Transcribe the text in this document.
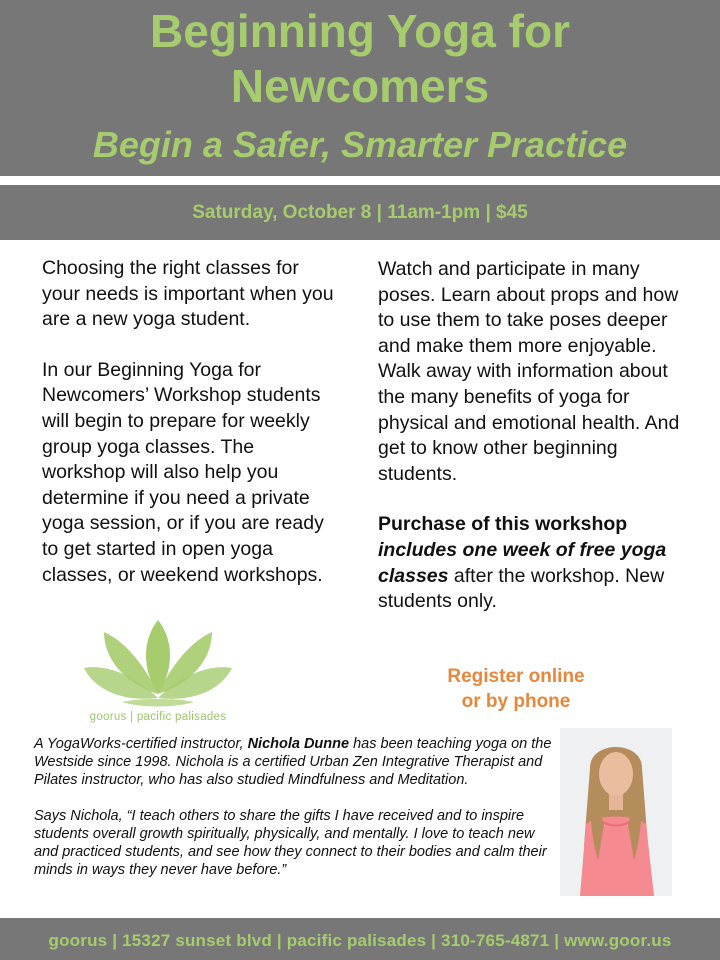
Beginning Yoga for
Newcomers
Begin a Safer, Smarter Practice
Saturday, October 8 | 11am-1pm | $45

Choosing the right classes for your needs is important when you are a new yoga student.

In our Beginning Yoga for Newcomers’ Workshop students will begin to prepare for weekly group yoga classes. The workshop will also help you determine if you need a private yoga session, or if you are ready to get started in open yoga classes, or weekend workshops.

Watch and participate in many poses. Learn about props and how to use them to take poses deeper and make them more enjoyable. Walk away with information about the many benefits of yoga for physical and emotional health. And get to know other beginning students.

Purchase of this workshop
includes one week of free yoga classes after the workshop. New students only.

goorus | pacific palisades
Register online
or by phone

A YogaWorks-certified instructor, Nichola Dunne has been teaching yoga on the Westside since 1998. Nichola is a certified Urban Zen Integrative Therapist and Pilates instructor, who has also studied Mindfulness and Meditation.

Says Nichola, “I teach others to share the gifts I have received and to inspire students overall growth spiritually, physically, and mentally. I love to teach new and practiced students, and see how they connect to their bodies and calm their minds in ways they never have before.”

goorus | 15327 sunset blvd | pacific palisades | 310-765-4871 | www.goor.us
